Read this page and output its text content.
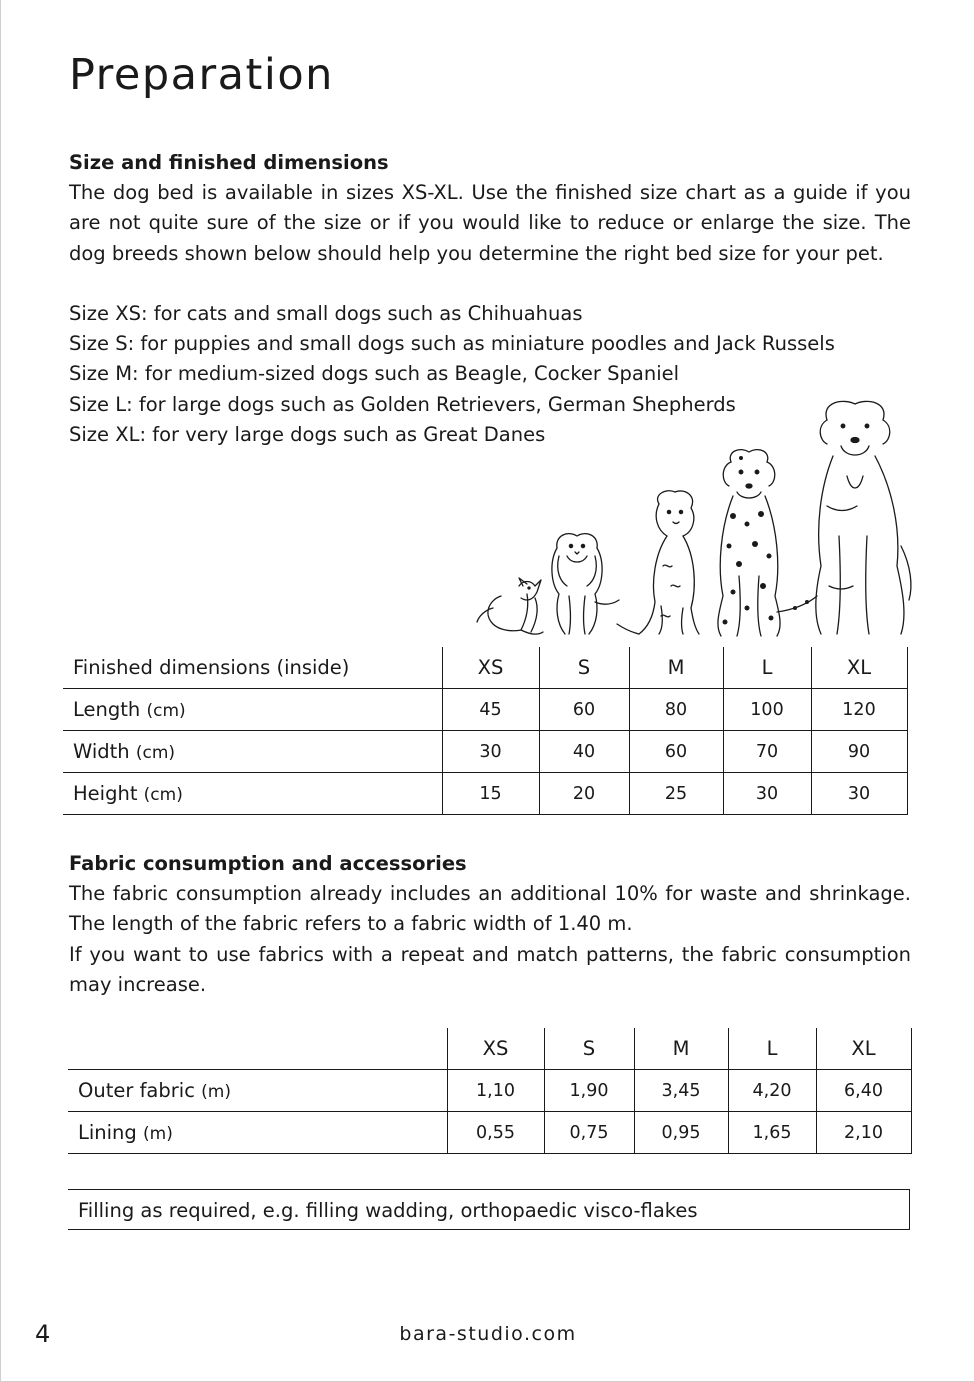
Preparation
Size and finished dimensions

The dog bed is available in sizes XS-XL. Use the finished size chart as a guide if you are not quite sure of the size or if you would like to reduce or enlarge the size. The dog breeds shown below should help you determine the right bed size for your pet.

Size XS: for cats and small dogs such as Chihuahuas
Size S: for puppies and small dogs such as miniature poodles and Jack Russels
Size M: for medium-sized dogs such as Beagle, Cocker Spaniel
Size L: for large dogs such as Golden Retrievers, German Shepherds
Size XL: for very large dogs such as Great Danes
Finished dimensions (inside)	XS	S	M	L	XL
Length (cm)	45	60	80	100	120
Width (cm)	30	40	60	70	90
Height (cm)	15	20	25	30	30
Fabric consumption and accessories

The fabric consumption already includes an additional 10% for waste and shrinkage. The length of the fabric refers to a fabric width of 1.40 m.

If you want to use fabrics with a repeat and match patterns, the fabric consumption may increase.

	XS	S	M	L	XL
Outer fabric (m)	1,10	1,90	3,45	4,20	6,40
Lining (m)	0,55	0,75	0,95	1,65	2,10
Filling as required, e.g. filling wadding, orthopaedic visco-flakes
4	bara-studio.com
